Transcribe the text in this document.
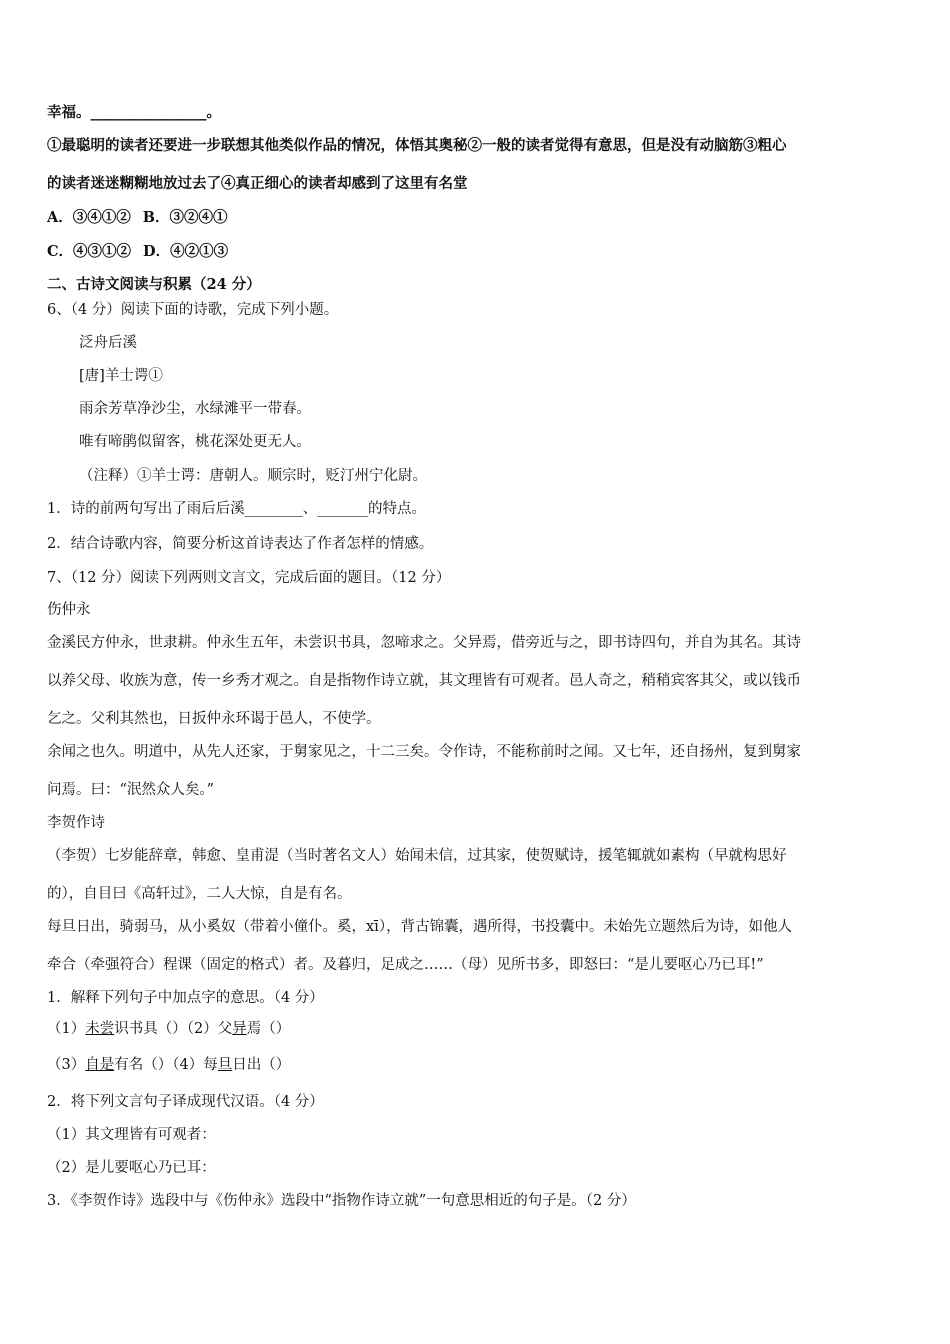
幸福。________________。
①最聪明的读者还要进一步联想其他类似作品的情况，体悟其奥秘②一般的读者觉得有意思，但是没有动脑筋③粗心
的读者迷迷糊糊地放过去了④真正细心的读者却感到了这里有名堂
A．③④①② B．③②④①
C．④③①② D．④②①③
二、古诗文阅读与积累（24 分）
6、（4 分）阅读下面的诗歌，完成下列小题。
泛舟后溪
[唐]羊士谔①
雨余芳草净沙尘，水绿滩平一带春。
唯有啼鹃似留客，桃花深处更无人。
（注释）①羊士谔：唐朝人。顺宗时，贬汀州宁化尉。
1．诗的前两句写出了雨后后溪________、_______的特点。
2．结合诗歌内容，简要分析这首诗表达了作者怎样的情感。
7、（12 分）阅读下列两则文言文，完成后面的题目。（12 分）
伤仲永
金溪民方仲永，世隶耕。仲永生五年，未尝识书具，忽啼求之。父异焉，借旁近与之，即书诗四句，并自为其名。其诗
以养父母、收族为意，传一乡秀才观之。自是指物作诗立就，其文理皆有可观者。邑人奇之，稍稍宾客其父，或以钱币
乞之。父利其然也，日扳仲永环谒于邑人，不使学。
余闻之也久。明道中，从先人还家，于舅家见之，十二三矣。令作诗，不能称前时之闻。又七年，还自扬州，复到舅家
问焉。曰：“泯然众人矣。”
李贺作诗
（李贺）七岁能辞章，韩愈、皇甫湜（当时著名文人）始闻未信，过其家，使贺赋诗，援笔辄就如素构（早就构思好
的），自目曰《高轩过》，二人大惊，自是有名。
每旦日出，骑弱马，从小奚奴（带着小僮仆。奚，xī），背古锦囊，遇所得，书投囊中。未始先立题然后为诗，如他人
牵合（牵强符合）程课（固定的格式）者。及暮归，足成之……（母）见所书多，即怒曰：“是儿要呕心乃已耳!”
1．解释下列句子中加点字的意思。（4 分）
（1）未尝识书具（）（2）父异焉（）
（3）自是有名（）（4）每旦日出（）
2．将下列文言句子译成现代汉语。（4 分）
（1）其文理皆有可观者：
（2）是儿要呕心乃已耳：
3．《李贺作诗》选段中与《伤仲永》选段中“指物作诗立就”一句意思相近的句子是。（2 分）
